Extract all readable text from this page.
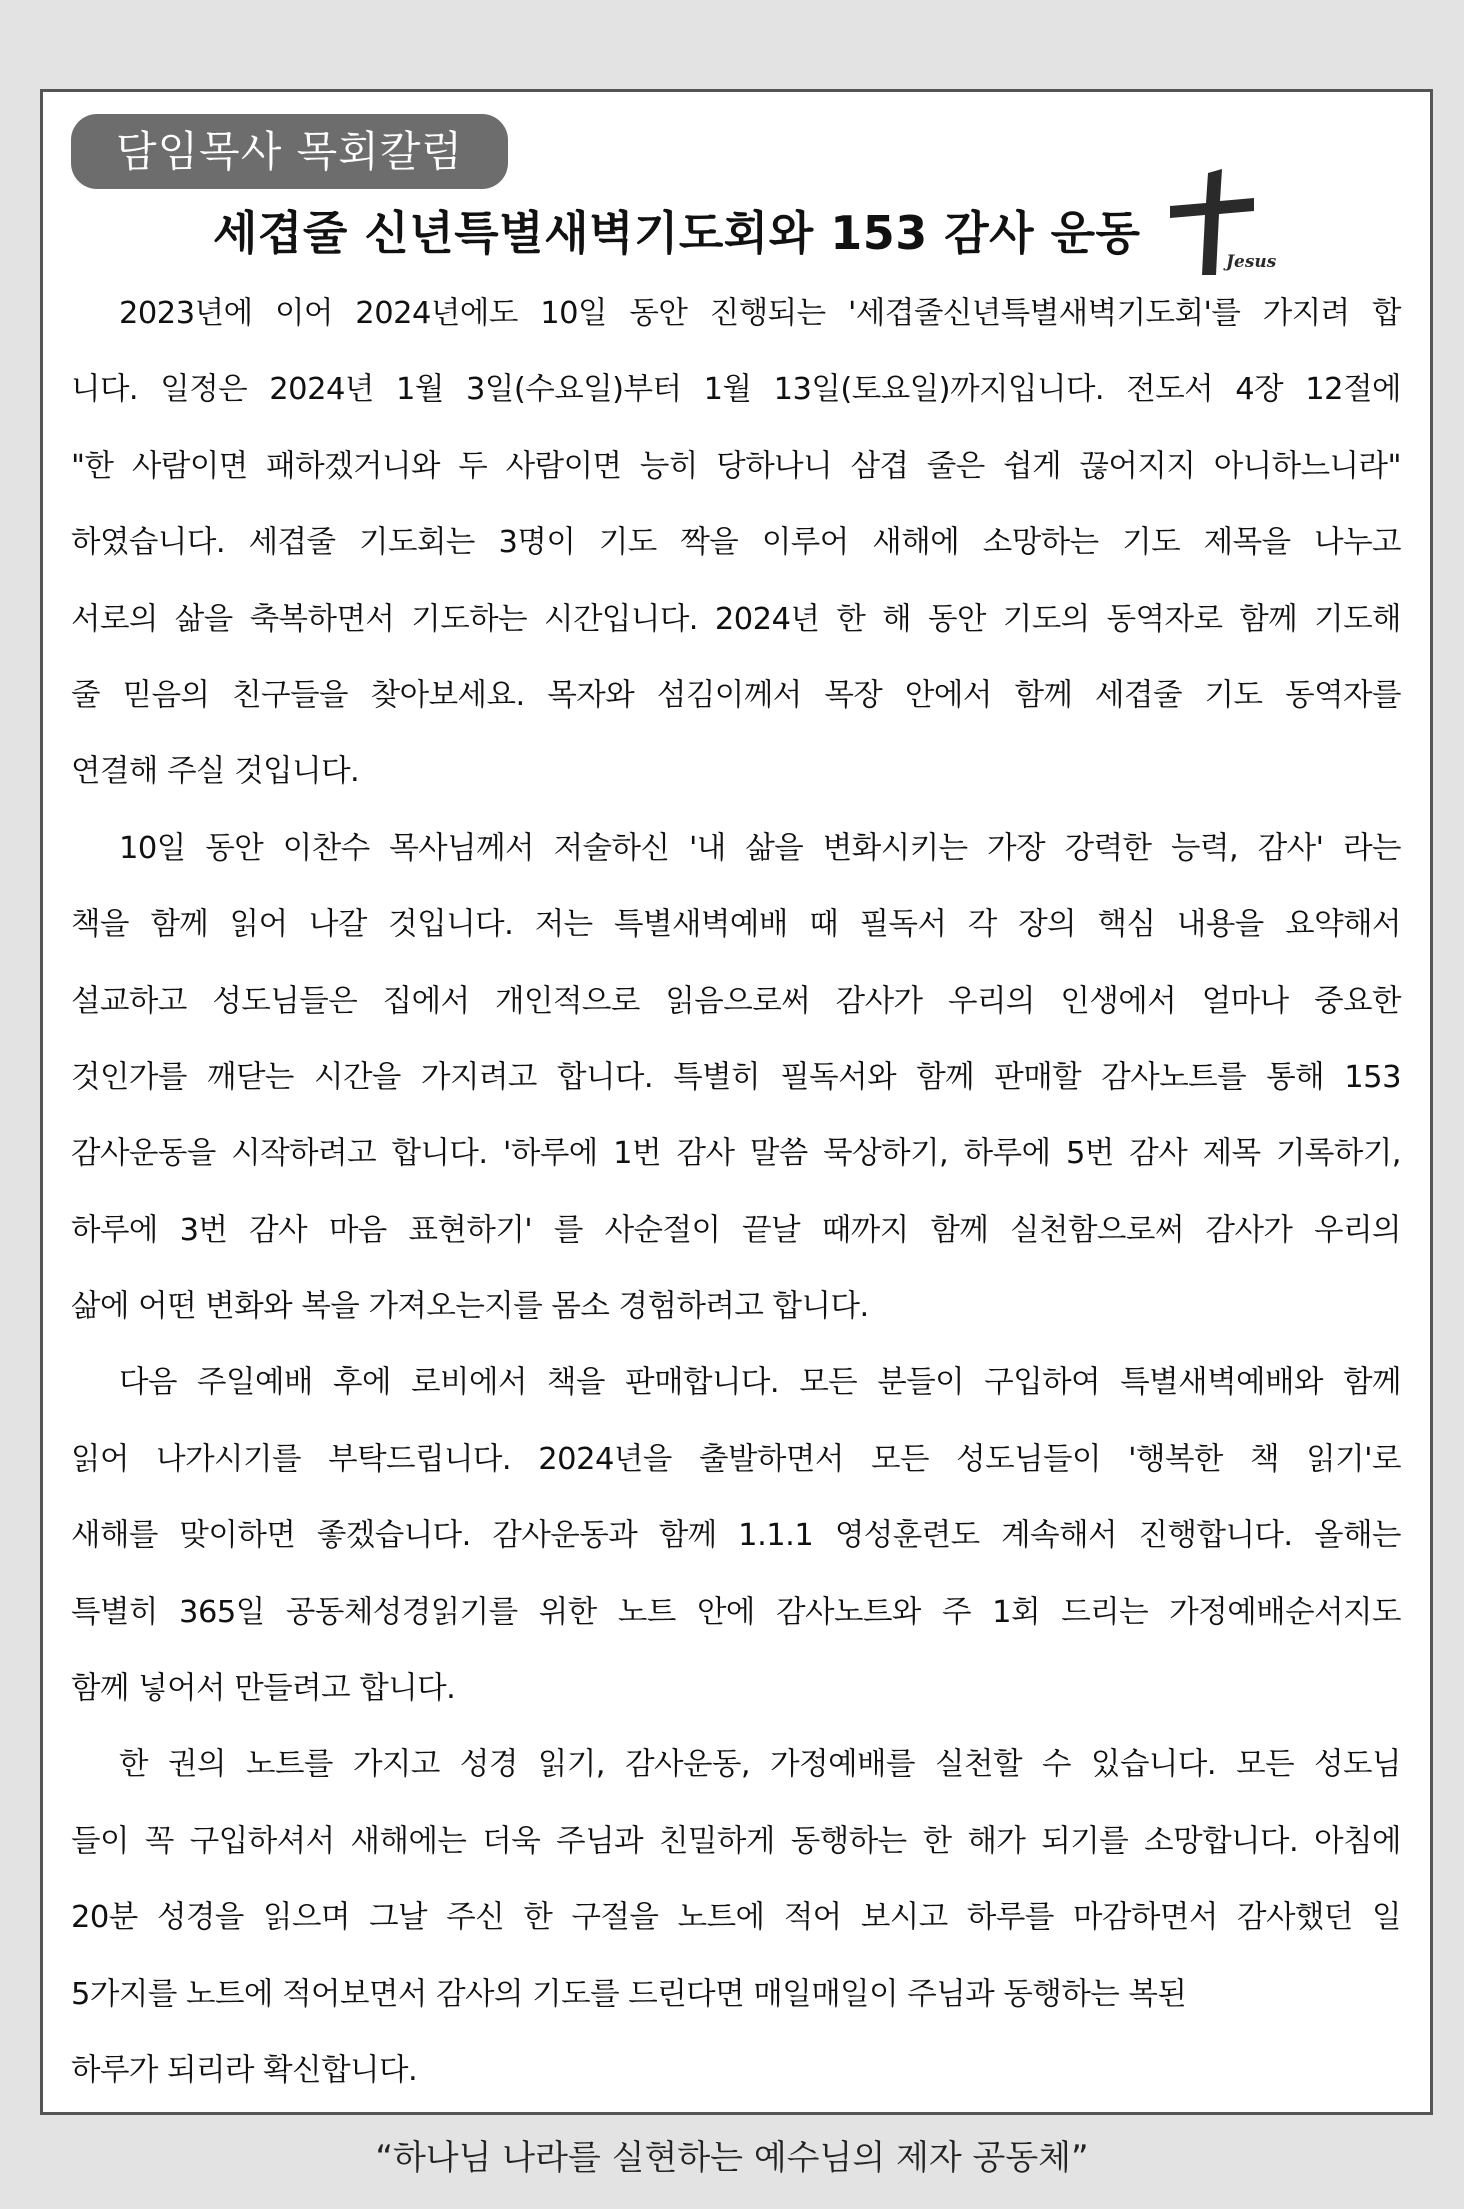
담임목사 목회칼럼
세겹줄 신년특별새벽기도회와 153 감사 운동
Jesus
2023년에 이어 2024년에도 10일 동안 진행되는 '세겹줄신년특별새벽기도회'를 가지려 합
니다. 일정은 2024년 1월 3일(수요일)부터 1월 13일(토요일)까지입니다. 전도서 4장 12절에
"한 사람이면 패하겠거니와 두 사람이면 능히 당하나니 삼겹 줄은 쉽게 끊어지지 아니하느니라"
하였습니다. 세겹줄 기도회는 3명이 기도 짝을 이루어 새해에 소망하는 기도 제목을 나누고
서로의 삶을 축복하면서 기도하는 시간입니다. 2024년 한 해 동안 기도의 동역자로 함께 기도해
줄 믿음의 친구들을 찾아보세요. 목자와 섬김이께서 목장 안에서 함께 세겹줄 기도 동역자를
연결해 주실 것입니다.
10일 동안 이찬수 목사님께서 저술하신 '내 삶을 변화시키는 가장 강력한 능력, 감사' 라는
책을 함께 읽어 나갈 것입니다. 저는 특별새벽예배 때 필독서 각 장의 핵심 내용을 요약해서
설교하고 성도님들은 집에서 개인적으로 읽음으로써 감사가 우리의 인생에서 얼마나 중요한
것인가를 깨닫는 시간을 가지려고 합니다. 특별히 필독서와 함께 판매할 감사노트를 통해 153
감사운동을 시작하려고 합니다. '하루에 1번 감사 말씀 묵상하기, 하루에 5번 감사 제목 기록하기,
하루에 3번 감사 마음 표현하기' 를 사순절이 끝날 때까지 함께 실천함으로써 감사가 우리의
삶에 어떤 변화와 복을 가져오는지를 몸소 경험하려고 합니다.
다음 주일예배 후에 로비에서 책을 판매합니다. 모든 분들이 구입하여 특별새벽예배와 함께
읽어 나가시기를 부탁드립니다. 2024년을 출발하면서 모든 성도님들이 '행복한 책 읽기'로
새해를 맞이하면 좋겠습니다. 감사운동과 함께 1.1.1 영성훈련도 계속해서 진행합니다. 올해는
특별히 365일 공동체성경읽기를 위한 노트 안에 감사노트와 주 1회 드리는 가정예배순서지도
함께 넣어서 만들려고 합니다.
한 권의 노트를 가지고 성경 읽기, 감사운동, 가정예배를 실천할 수 있습니다. 모든 성도님
들이 꼭 구입하셔서 새해에는 더욱 주님과 친밀하게 동행하는 한 해가 되기를 소망합니다. 아침에
20분 성경을 읽으며 그날 주신 한 구절을 노트에 적어 보시고 하루를 마감하면서 감사했던 일
5가지를 노트에 적어보면서 감사의 기도를 드린다면 매일매일이 주님과 동행하는 복된
하루가 되리라 확신합니다.
“하나님 나라를 실현하는 예수님의 제자 공동체”
